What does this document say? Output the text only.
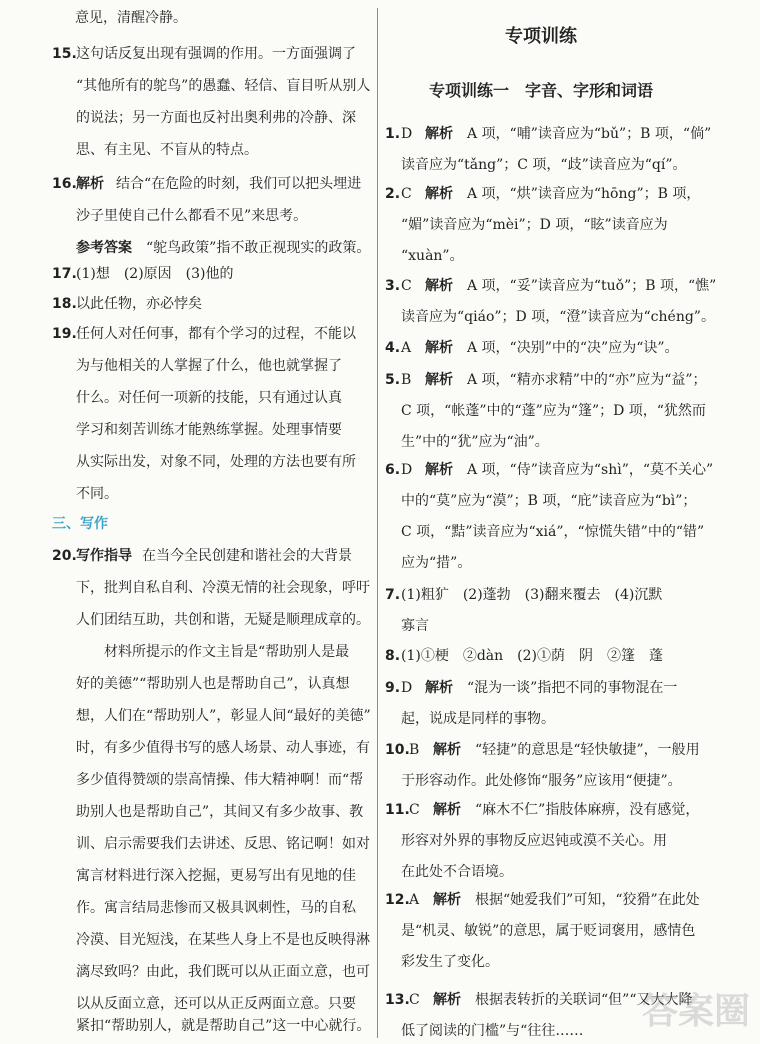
意见，清醒冷静。
15. 这句话反复出现有强调的作用。一方面强调了
“其他所有的鸵鸟”的愚蠢、轻信、盲目听从别人
的说法；另一方面也反衬出奥利弗的冷静、深
思、有主见、不盲从的特点。
16. 解析 结合“在危险的时刻，我们可以把头埋进
沙子里使自己什么都看不见”来思考。
参考答案 “鸵鸟政策”指不敢正视现实的政策。
17. (1)想　(2)原因　(3)他的
18. 以此任物，亦必悖矣
19. 任何人对任何事，都有个学习的过程，不能以
为与他相关的人掌握了什么，他也就掌握了
什么。对任何一项新的技能，只有通过认真
学习和刻苦训练才能熟练掌握。处理事情要
从实际出发，对象不同，处理的方法也要有所
不同。
三、写作
20. 写作指导 在当今全民创建和谐社会的大背景
下，批判自私自利、冷漠无情的社会现象，呼吁
人们团结互助，共创和谐，无疑是顺理成章的。
材料所提示的作文主旨是“帮助别人是最
好的美德”“帮助别人也是帮助自己”，认真想
想，人们在“帮助别人”，彰显人间“最好的美德”
时，有多少值得书写的感人场景、动人事迹，有
多少值得赞颂的崇高情操、伟大精神啊！而“帮
助别人也是帮助自己”，其间又有多少故事、教
训、启示需要我们去讲述、反思、铭记啊！如对
寓言材料进行深入挖掘，更易写出有见地的佳
作。寓言结局悲惨而又极具讽刺性，马的自私
冷漠、目光短浅，在某些人身上不是也反映得淋
漓尽致吗？由此，我们既可以从正面立意，也可
以从反面立意，还可以从正反两面立意。只要
紧扣“帮助别人，就是帮助自己”这一中心就行。
专项训练
专项训练一　字音、字形和词语
1. D 解析 A 项，“哺”读音应为“bǔ”；B 项，“倘”
读音应为“tǎng”；C 项，“歧”读音应为“qí”。
2. C 解析 A 项，“烘”读音应为“hōng”；B 项，
“媚”读音应为“mèi”；D 项，“眩”读音应为
“xuàn”。
3. C 解析 A 项，“妥”读音应为“tuǒ”；B 项，“憔”
读音应为“qiáo”；D 项，“澄”读音应为“chéng”。
4. A 解析 A 项，“决别”中的“决”应为“诀”。
5. B 解析 A 项，“精亦求精”中的“亦”应为“益”；
C 项，“帐蓬”中的“蓬”应为“篷”；D 项，“犹然而
生”中的“犹”应为“油”。
6. D 解析 A 项，“侍”读音应为“shì”，“莫不关心”
中的“莫”应为“漠”；B 项，“庇”读音应为“bì”；
C 项，“黠”读音应为“xiá”，“惊慌失错”中的“错”
应为“措”。
7. (1)粗犷　(2)蓬勃　(3)翻来覆去　(4)沉默
寡言
8. (1)①梗　②dàn　(2)①荫　阴　②篷　蓬
9. D 解析 “混为一谈”指把不同的事物混在一
起，说成是同样的事物。
10. B 解析 “轻捷”的意思是“轻快敏捷”，一般用
于形容动作。此处修饰“服务”应该用“便捷”。
11. C 解析 “麻木不仁”指肢体麻痹，没有感觉，
形容对外界的事物反应迟钝或漠不关心。用
在此处不合语境。
12. A 解析 根据“她爱我们”可知，“狡猾”在此处
是“机灵、敏锐”的意思，属于贬词褒用，感情色
彩发生了变化。
13. C 解析 根据表转折的关联词“但”“又大大降
低了阅读的门槛”与“往往…… 答案圈
